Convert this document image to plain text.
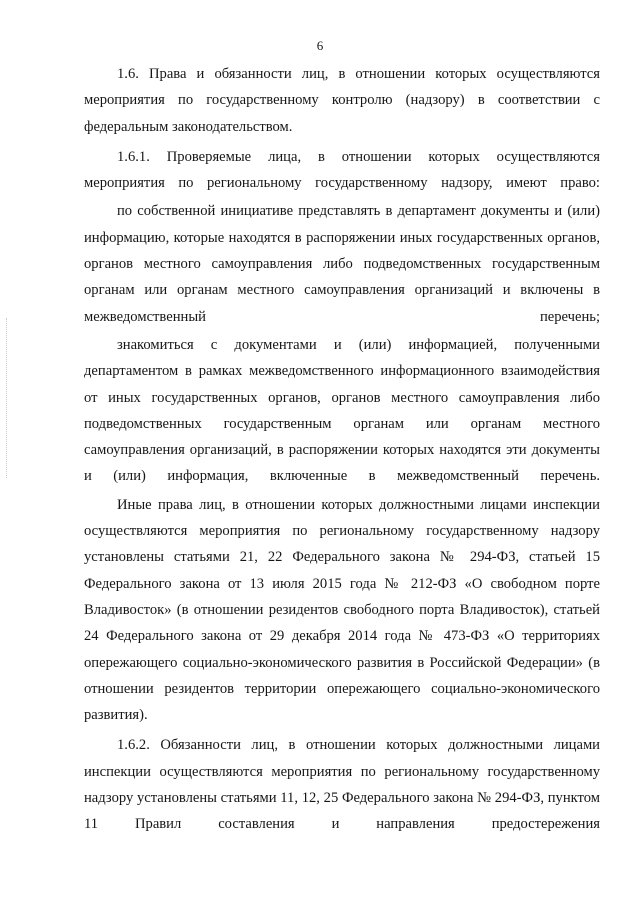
6

1.6. Права и обязанности лиц, в отношении которых осуществляются мероприятия по государственному контролю (надзору) в соответствии с федеральным законодательством.

1.6.1. Проверяемые лица, в отношении которых осуществляются мероприятия по региональному государственному надзору, имеют право:

по собственной инициативе представлять в департамент документы и (или) информацию, которые находятся в распоряжении иных государственных органов, органов местного самоуправления либо подведомственных государственным органам или органам местного самоуправления организаций и включены в межведомственный перечень;

знакомиться с документами и (или) информацией, полученными департаментом в рамках межведомственного информационного взаимодействия от иных государственных органов, органов местного самоуправления либо подведомственных государственным органам или органам местного самоуправления организаций, в распоряжении которых находятся эти документы и (или) информация, включенные в межведомственный перечень.

Иные права лиц, в отношении которых должностными лицами инспекции осуществляются мероприятия по региональному государственному надзору установлены статьями 21, 22 Федерального закона № 294-ФЗ, статьей 15 Федерального закона от 13 июля 2015 года № 212-ФЗ «О свободном порте Владивосток» (в отношении резидентов свободного порта Владивосток), статьей 24 Федерального закона от 29 декабря 2014 года № 473-ФЗ «О территориях опережающего социально-экономического развития в Российской Федерации» (в отношении резидентов территории опережающего социально-экономического развития).

1.6.2. Обязанности лиц, в отношении которых должностными лицами инспекции осуществляются мероприятия по региональному государственному надзору установлены статьями 11, 12, 25 Федерального закона № 294-ФЗ, пунктом 11 Правил составления и направления предостережения
